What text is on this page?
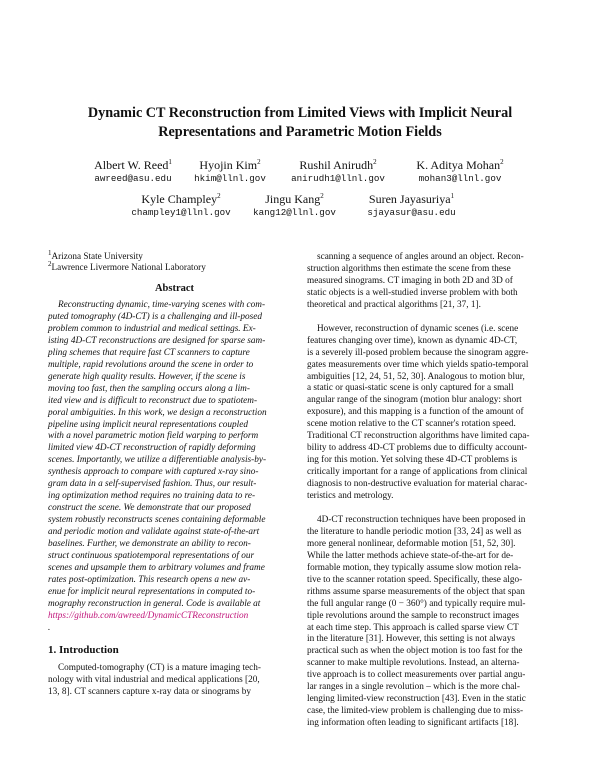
Dynamic CT Reconstruction from Limited Views with Implicit Neural
Representations and Parametric Motion Fields
Albert W. Reed$^1$
awreed@asu.edu
Hyojin Kim$^2$
hkim@llnl.gov
Rushil Anirudh$^2$
anirudh1@llnl.gov
K. Aditya Mohan$^2$
mohan3@llnl.gov
Kyle Champley$^2$
champley1@llnl.gov
Jingu Kang$^2$
kang12@llnl.gov
Suren Jayasuriya$^1$
sjayasur@asu.edu
$^1$Arizona State University
$^2$Lawrence Livermore National Laboratory
Abstract
Reconstructing dynamic, time-varying scenes with com-
puted tomography (4D-CT) is a challenging and ill-posed
problem common to industrial and medical settings. Ex-
isting 4D-CT reconstructions are designed for sparse sam-
pling schemes that require fast CT scanners to capture
multiple, rapid revolutions around the scene in order to
generate high quality results. However, if the scene is
moving too fast, then the sampling occurs along a lim-
ited view and is difficult to reconstruct due to spatiotem-
poral ambiguities. In this work, we design a reconstruction
pipeline using implicit neural representations coupled
with a novel parametric motion field warping to perform
limited view 4D-CT reconstruction of rapidly deforming
scenes. Importantly, we utilize a differentiable analysis-by-
synthesis approach to compare with captured x-ray sino-
gram data in a self-supervised fashion. Thus, our result-
ing optimization method requires no training data to re-
construct the scene. We demonstrate that our proposed
system robustly reconstructs scenes containing deformable
and periodic motion and validate against state-of-the-art
baselines. Further, we demonstrate an ability to recon-
struct continuous spatiotemporal representations of our
scenes and upsample them to arbitrary volumes and frame
rates post-optimization. This research opens a new av-
enue for implicit neural representations in computed to-
mography reconstruction in general. Code is available at
https://github.com/awreed/DynamicCTReconstruction
.
1. Introduction
Computed-tomography (CT) is a mature imaging tech-
nology with vital industrial and medical applications [20,
13, 8]. CT scanners capture x-ray data or sinograms by
scanning a sequence of angles around an object. Recon-
struction algorithms then estimate the scene from these
measured sinograms. CT imaging in both 2D and 3D of
static objects is a well-studied inverse problem with both
theoretical and practical algorithms [21, 37, 1].
However, reconstruction of dynamic scenes (i.e. scene
features changing over time), known as dynamic 4D-CT,
is a severely ill-posed problem because the sinogram aggre-
gates measurements over time which yields spatio-temporal
ambiguities [12, 24, 51, 52, 30]. Analogous to motion blur,
a static or quasi-static scene is only captured for a small
angular range of the sinogram (motion blur analogy: short
exposure), and this mapping is a function of the amount of
scene motion relative to the CT scanner's rotation speed.
Traditional CT reconstruction algorithms have limited capa-
bility to address 4D-CT problems due to difficulty account-
ing for this motion. Yet solving these 4D-CT problems is
critically important for a range of applications from clinical
diagnosis to non-destructive evaluation for material charac-
teristics and metrology.
4D-CT reconstruction techniques have been proposed in
the literature to handle periodic motion [33, 24] as well as
more general nonlinear, deformable motion [51, 52, 30].
While the latter methods achieve state-of-the-art for de-
formable motion, they typically assume slow motion rela-
tive to the scanner rotation speed. Specifically, these algo-
rithms assume sparse measurements of the object that span
the full angular range (0 − 360°) and typically require mul-
tiple revolutions around the sample to reconstruct images
at each time step. This approach is called sparse view CT
in the literature [31]. However, this setting is not always
practical such as when the object motion is too fast for the
scanner to make multiple revolutions. Instead, an alterna-
tive approach is to collect measurements over partial angu-
lar ranges in a single revolution – which is the more chal-
lenging limited-view reconstruction [43]. Even in the static
case, the limited-view problem is challenging due to miss-
ing information often leading to significant artifacts [18].
